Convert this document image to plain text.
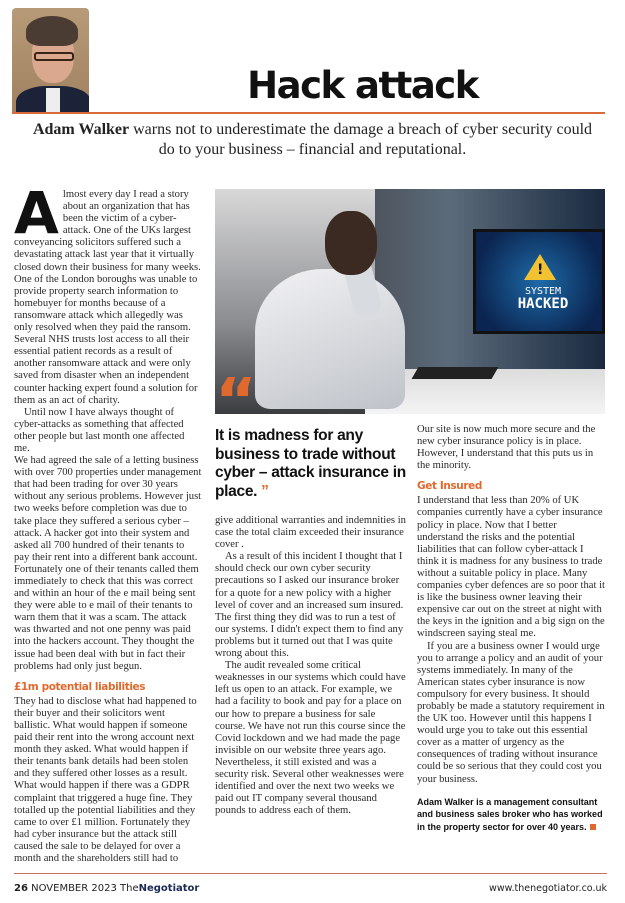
Hack attack
Adam Walker warns not to underestimate the damage a breach of cyber security could do to your business – financial and reputational.
A lmost every day I read a story about an organization that has been the victim of a cyber-attack. One of the UKs largest conveyancing solicitors suffered such a devastating attack last year that it virtually closed down their business for many weeks. One of the London boroughs was unable to provide property search information to homebuyer for months because of a ransomware attack which allegedly was only resolved when they paid the ransom. Several NHS trusts lost access to all their essential patient records as a result of another ransomware attack and were only saved from disaster when an independent counter hacking expert found a solution for them as an act of charity.

Until now I have always thought of cyber-attacks as something that affected other people but last month one affected me.

We had agreed the sale of a letting business with over 700 properties under management that had been trading for over 30 years without any serious problems. However just two weeks before completion was due to take place they suffered a serious cyber – attack. A hacker got into their system and asked all 700 hundred of their tenants to pay their rent into a different bank account. Fortunately one of their tenants called them immediately to check that this was correct and within an hour of the e mail being sent they were able to e mail of their tenants to warn them that it was a scam. The attack was thwarted and not one penny was paid into the hackers account. They thought the issue had been deal with but in fact their problems had only just begun.

£1m potential liabilities

They had to disclose what had happened to their buyer and their solicitors went ballistic. What would happen if someone paid their rent into the wrong account next month they asked. What would happen if their tenants bank details had been stolen and they suffered other losses as a result. What would happen if there was a GDPR complaint that triggered a huge fine. They totalled up the potential liabilities and they came to over £1 million. Fortunately they had cyber insurance but the attack still caused the sale to be delayed for over a month and the shareholders still had to

!
SYSTEM
HACKED
“
It is madness for any business to trade without cyber – attack insurance in place. ”

give additional warranties and indemnities in case the total claim exceeded their insurance cover .

As a result of this incident I thought that I should check our own cyber security precautions so I asked our insurance broker for a quote for a new policy with a higher level of cover and an increased sum insured. The first thing they did was to run a test of our systems. I didn't expect them to find any problems but it turned out that I was quite wrong about this.

The audit revealed some critical weaknesses in our systems which could have left us open to an attack. For example, we had a facility to book and pay for a place on our how to prepare a business for sale course. We have not run this course since the Covid lockdown and we had made the page invisible on our website three years ago. Nevertheless, it still existed and was a security risk. Several other weaknesses were identified and over the next two weeks we paid out IT company several thousand pounds to address each of them.

Our site is now much more secure and the new cyber insurance policy is in place. However, I understand that this puts us in the minority.

Get Insured

I understand that less than 20% of UK companies currently have a cyber insurance policy in place. Now that I better understand the risks and the potential liabilities that can follow cyber-attack I think it is madness for any business to trade without a suitable policy in place. Many companies cyber defences are so poor that it is like the business owner leaving their expensive car out on the street at night with the keys in the ignition and a big sign on the windscreen saying steal me.

If you are a business owner I would urge you to arrange a policy and an audit of your systems immediately. In many of the American states cyber insurance is now compulsory for every business. It should probably be made a statutory requirement in the UK too. However until this happens I would urge you to take out this essential cover as a matter of urgency as the consequences of trading without insurance could be so serious that they could cost you your business.

Adam Walker is a management consultant and business sales broker who has worked in the property sector for over 40 years.
26 NOVEMBER 2023 TheNegotiator	www.thenegotiator.co.uk
